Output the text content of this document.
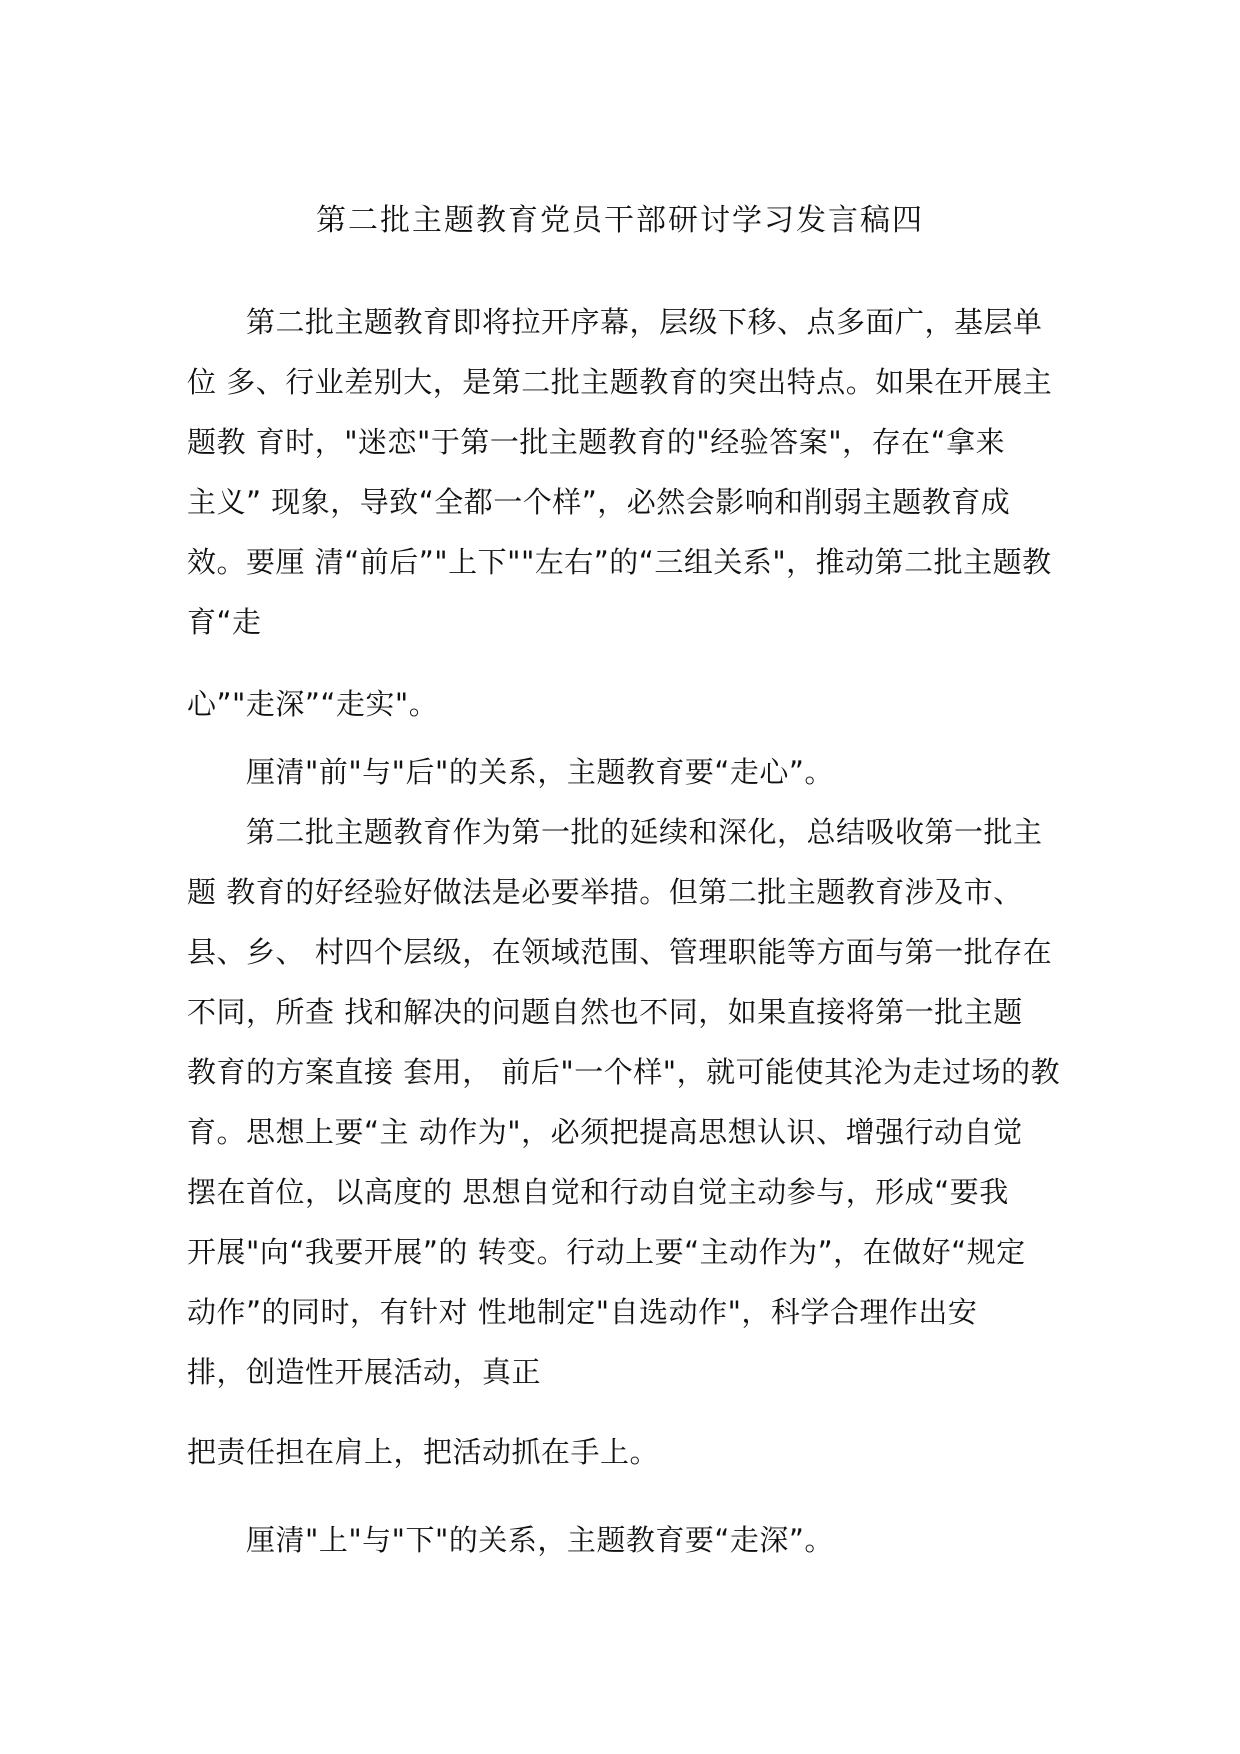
第二批主题教育党员干部研讨学习发言稿四
第二批主题教育即将拉开序幕，层级下移、点多面广，基层单
位 多、行业差别大，是第二批主题教育的突出特点。如果在开展主
题教 育时，"迷恋"于第一批主题教育的"经验答案"，存在“拿来
主义” 现象，导致“全都一个样”，必然会影响和削弱主题教育成
效。要厘 清“前后”"上下""左右”的“三组关系"，推动第二批主题教
育“走
心”"走深”“走实"。
厘清"前"与"后"的关系，主题教育要“走心”。
第二批主题教育作为第一批的延续和深化，总结吸收第一批主
题 教育的好经验好做法是必要举措。但第二批主题教育涉及市、
县、乡、 村四个层级，在领域范围、管理职能等方面与第一批存在
不同，所查 找和解决的问题自然也不同，如果直接将第一批主题
教育的方案直接 套用， 前后"一个样"，就可能使其沦为走过场的教
育。思想上要“主 动作为"，必须把提高思想认识、增强行动自觉
摆在首位，以高度的 思想自觉和行动自觉主动参与，形成“要我
开展"向“我要开展”的 转变。行动上要“主动作为”，在做好“规定
动作”的同时，有针对 性地制定"自选动作"，科学合理作出安
排，创造性开展活动，真正
把责任担在肩上，把活动抓在手上。
厘清"上"与"下"的关系，主题教育要“走深”。
